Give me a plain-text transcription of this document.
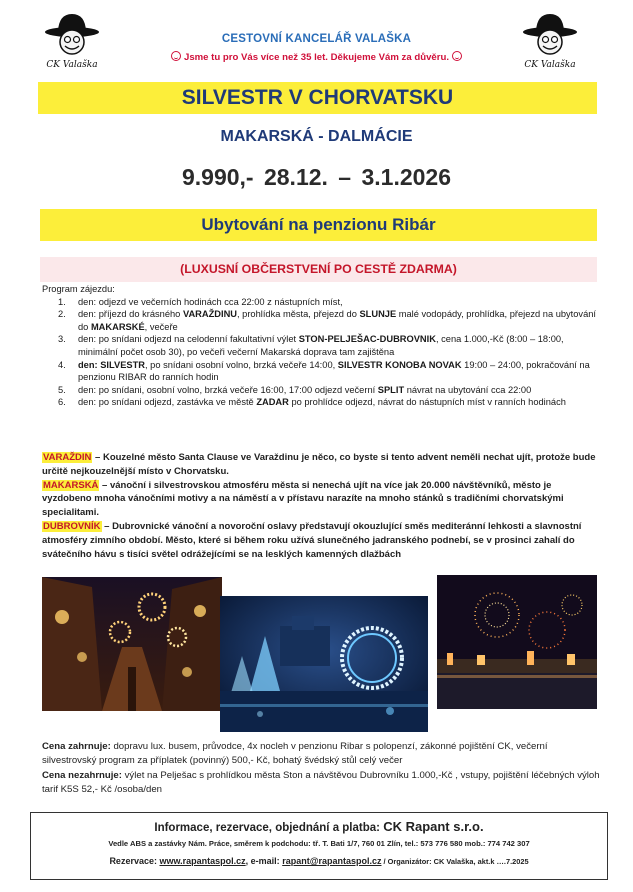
CK Valaška	CK Valaška
CESTOVNÍ KANCELÁŘ VALAŠKA
Jsme tu pro Vás více než 35 let. Děkujeme Vám za důvěru.
SILVESTR V CHORVATSKU
MAKARSKÁ - DALMÁCIE
9.990,- 28.12. – 3.1.2026
Ubytování na penzionu Ribár
(LUXUSNÍ OBČERSTVENÍ PO CESTĚ ZDARMA)
Program zájezdu:
1. den: odjezd ve večerních hodinách cca 22:00 z nástupních míst,
2. den: příjezd do krásného VARAŽDINU, prohlídka města, přejezd do SLUNJE malé vodopády, prohlídka, přejezd na ubytování do MAKARSKÉ, večeře
3. den: po snídani odjezd na celodenní fakultativní výlet STON-PELJEŠAC-DUBROVNIK, cena 1.000,-Kč (8:00 – 18:00, minimální počet osob 30), po večeři večerní Makarská doprava tam zajištěna
4. den: SILVESTR, po snídani osobní volno, brzká večeře 14:00, SILVESTR KONOBA NOVAK 19:00 – 24:00, pokračování na penzionu RIBAR do ranních hodin
5. den: po snídani, osobní volno, brzká večeře 16:00, 17:00 odjezd večerní SPLIT návrat na ubytování cca 22:00
6. den: po snídani odjezd, zastávka ve městě ZADAR po prohlídce odjezd, návrat do nástupních míst v ranních hodinách
VARAŽDIN – Kouzelné město Santa Clause ve Varaždinu je něco, co byste si tento advent neměli nechat ujít, protože bude určitě nejkouzelnější místo v Chorvatsku.
MAKARSKÁ – vánoční i silvestrovskou atmosféru města si nenechá ujít na více jak 20.000 návštěvníků, město je vyzdobeno mnoha vánočními motivy a na náměstí a v přístavu narazíte na mnoho stánků s tradičními chorvatskými specialitami.
DUBROVNÍK – Dubrovnické vánoční a novoroční oslavy představují okouzlující směs mediteránní lehkosti a slavnostní atmosféry zimního období. Město, které si během roku užívá slunečného jadranského podnebí, se v prosinci zahalí do svátečního hávu s tisíci světel odrážejícími se na lesklých kamenných dlažbách
Cena zahrnuje: dopravu lux. busem, průvodce, 4x nocleh v penzionu Ribar s polopenzí, zákonné pojištění CK, večerní silvestrovský program za příplatek (povinný) 500,- Kč, bohatý švédský stůl celý večer
Cena nezahrnuje: výlet na Pelješac s prohlídkou města Ston a návštěvou Dubrovníku 1.000,-Kč , vstupy, pojištění léčebných výloh tarif K5S 52,- Kč /osoba/den
Informace, rezervace, objednání a platba: CK Rapant s.r.o.
Vedle ABS a zastávky Nám. Práce, směrem k podchodu: tř. T. Bati 1/7, 760 01 Zlín, tel.: 573 776 580 mob.: 774 742 307
Rezervace: www.rapantaspol.cz, e-mail: rapant@rapantaspol.cz / Organizátor: CK Valaška, akt.k ….7.2025
